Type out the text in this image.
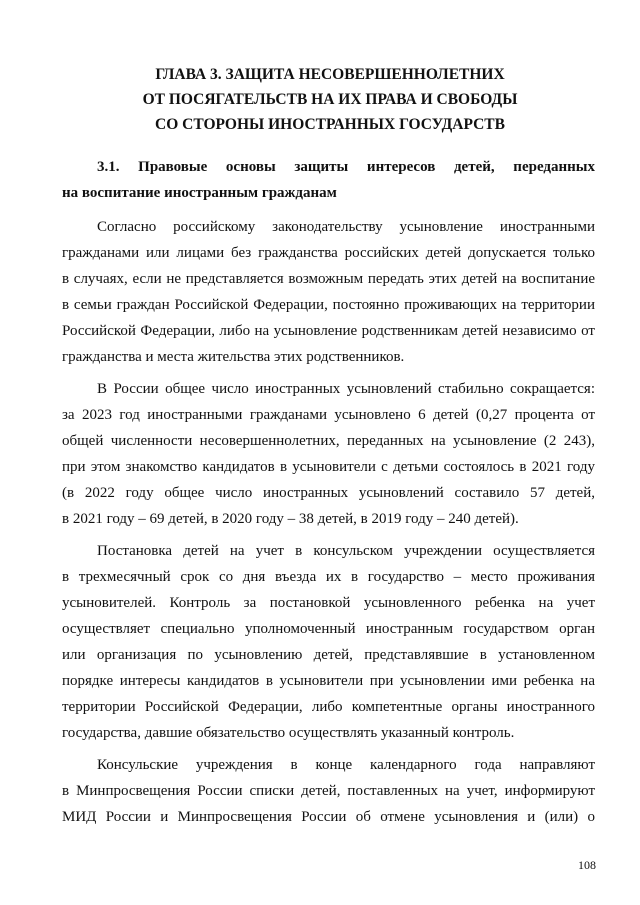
ГЛАВА 3. ЗАЩИТА НЕСОВЕРШЕННОЛЕТНИХ
ОТ ПОСЯГАТЕЛЬСТВ НА ИХ ПРАВА И СВОБОДЫ
СО СТОРОНЫ ИНОСТРАННЫХ ГОСУДАРСТВ
3.1. Правовые основы защиты интересов детей, переданных
на воспитание иностранным гражданам
Согласно российскому законодательству усыновление иностранными
гражданами или лицами без гражданства российских детей допускается только
в случаях, если не представляется возможным передать этих детей на воспитание
в семьи граждан Российской Федерации, постоянно проживающих на территории
Российской Федерации, либо на усыновление родственникам детей независимо от
гражданства и места жительства этих родственников.
В России общее число иностранных усыновлений стабильно сокращается:
за 2023 год иностранными гражданами усыновлено 6 детей (0,27 процента от
общей численности несовершеннолетних, переданных на усыновление (2 243),
при этом знакомство кандидатов в усыновители с детьми состоялось в 2021 году
(в 2022 году общее число иностранных усыновлений составило 57 детей,
в 2021 году – 69 детей, в 2020 году – 38 детей, в 2019 году – 240 детей).
Постановка детей на учет в консульском учреждении осуществляется
в трехмесячный срок со дня въезда их в государство – место проживания
усыновителей. Контроль за постановкой усыновленного ребенка на учет
осуществляет специально уполномоченный иностранным государством орган
или организация по усыновлению детей, представлявшие в установленном
порядке интересы кандидатов в усыновители при усыновлении ими ребенка на
территории Российской Федерации, либо компетентные органы иностранного
государства, давшие обязательство осуществлять указанный контроль.
Консульские учреждения в конце календарного года направляют
в Минпросвещения России списки детей, поставленных на учет, информируют
МИД России и Минпросвещения России об отмене усыновления и (или) о
108
